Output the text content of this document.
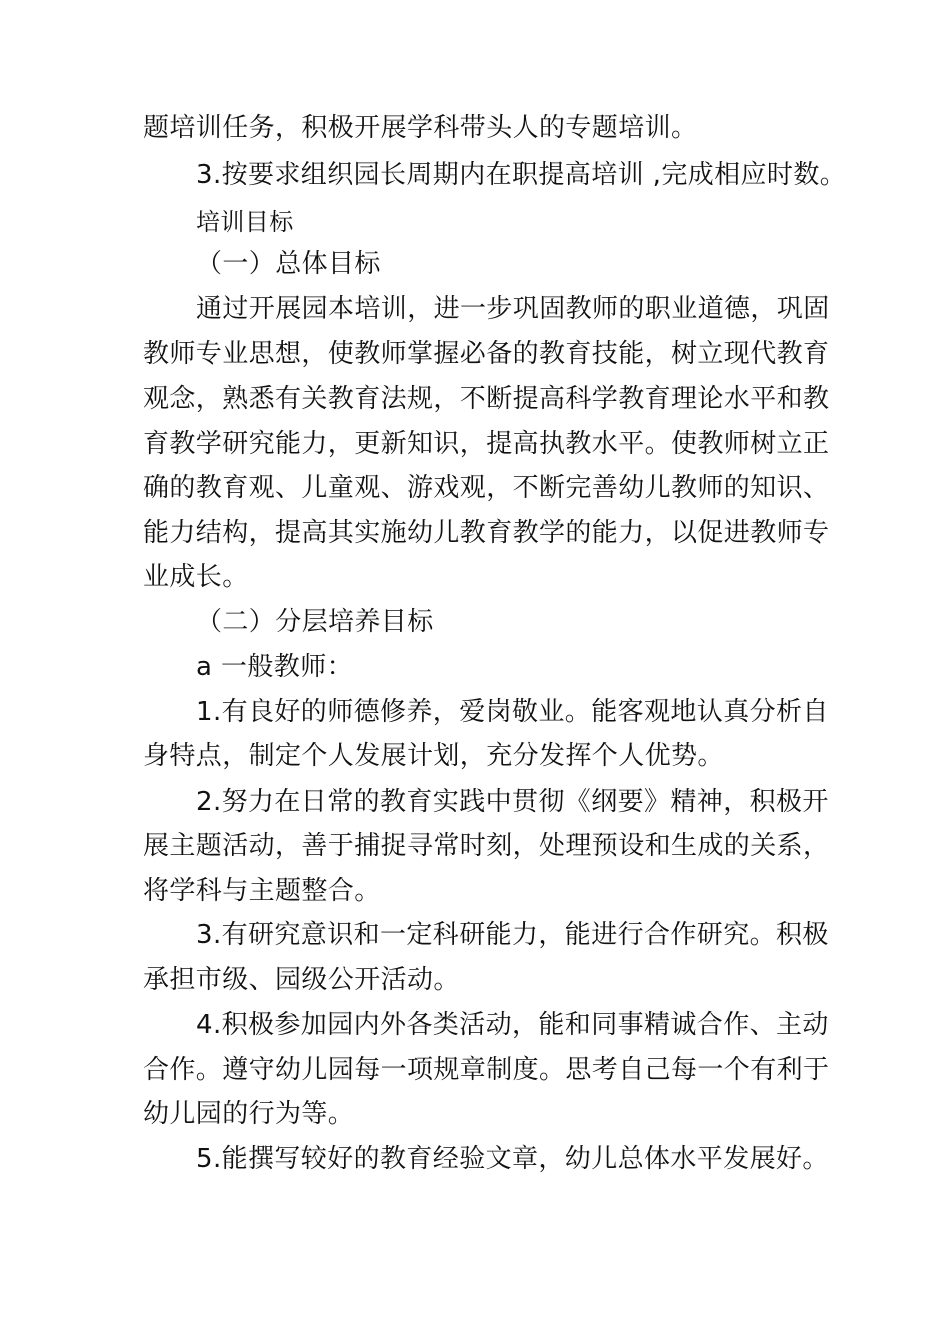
题培训任务，积极开展学科带头人的专题培训。
3.按要求组织园长周期内在职提高培训 ,完成相应时数。
培训目标
（一）总体目标
通过开展园本培训，进一步巩固教师的职业道德，巩固
教师专业思想，使教师掌握必备的教育技能，树立现代教育
观念，熟悉有关教育法规，不断提高科学教育理论水平和教
育教学研究能力，更新知识，提高执教水平。使教师树立正
确的教育观、儿童观、游戏观，不断完善幼儿教师的知识、
能力结构，提高其实施幼儿教育教学的能力，以促进教师专
业成长。
（二）分层培养目标
a 一般教师：
1.有良好的师德修养，爱岗敬业。能客观地认真分析自
身特点，制定个人发展计划，充分发挥个人优势。
2.努力在日常的教育实践中贯彻《纲要》精神，积极开
展主题活动，善于捕捉寻常时刻，处理预设和生成的关系，
将学科与主题整合。
3.有研究意识和一定科研能力，能进行合作研究。积极
承担市级、园级公开活动。
4.积极参加园内外各类活动，能和同事精诚合作、主动
合作。遵守幼儿园每一项规章制度。思考自己每一个有利于
幼儿园的行为等。
5.能撰写较好的教育经验文章，幼儿总体水平发展好。
